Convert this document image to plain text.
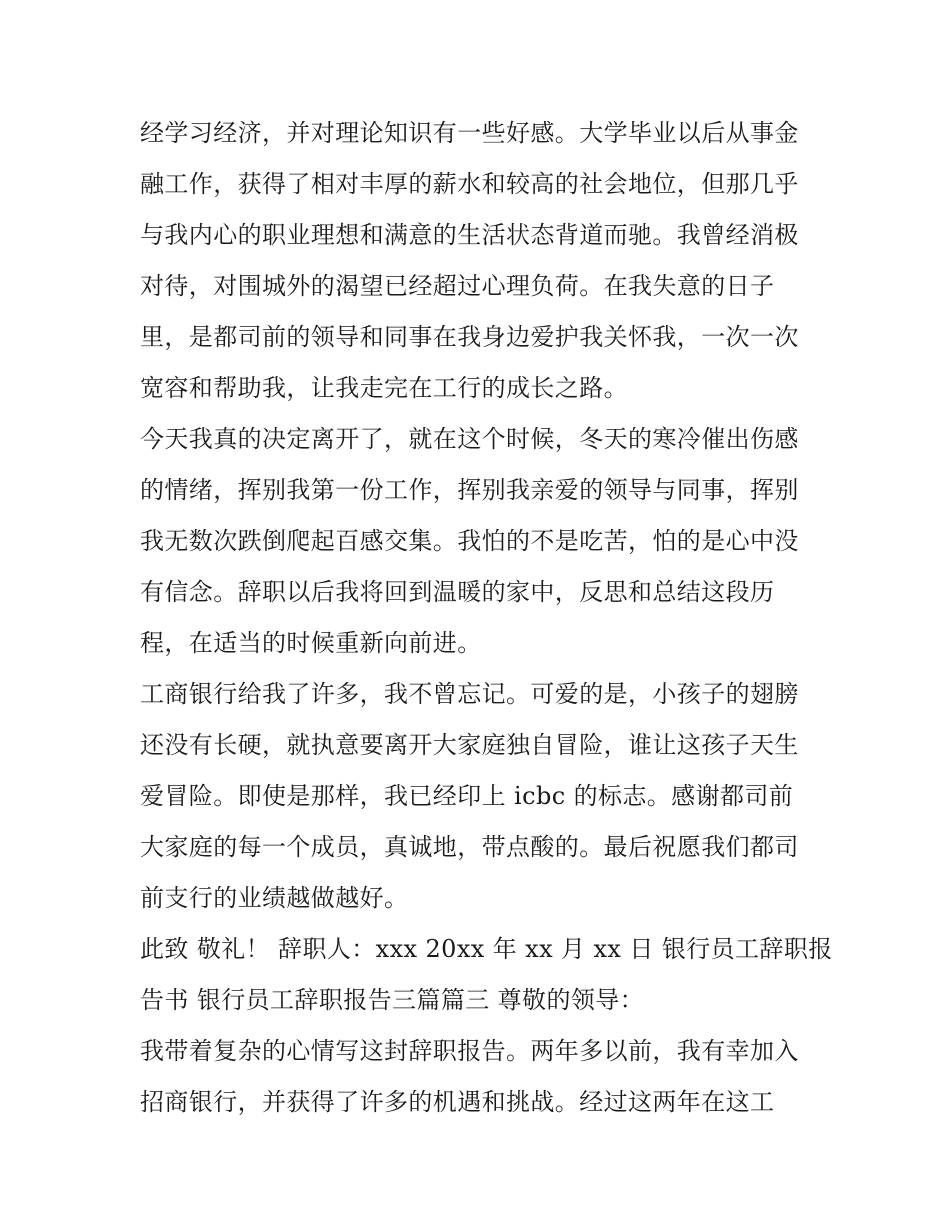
经学习经济，并对理论知识有一些好感。大学毕业以后从事金
融工作，获得了相对丰厚的薪水和较高的社会地位，但那几乎
与我内心的职业理想和满意的生活状态背道而驰。我曾经消极
对待，对围城外的渴望已经超过心理负荷。在我失意的日子
里，是都司前的领导和同事在我身边爱护我关怀我，一次一次
宽容和帮助我，让我走完在工行的成长之路。
今天我真的决定离开了，就在这个时候，冬天的寒冷催出伤感
的情绪，挥别我第一份工作，挥别我亲爱的领导与同事，挥别
我无数次跌倒爬起百感交集。我怕的不是吃苦，怕的是心中没
有信念。辞职以后我将回到温暖的家中，反思和总结这段历
程，在适当的时候重新向前进。
工商银行给我了许多，我不曾忘记。可爱的是，小孩子的翅膀
还没有长硬，就执意要离开大家庭独自冒险，谁让这孩子天生
爱冒险。即使是那样，我已经印上 icbc 的标志。感谢都司前
大家庭的每一个成员，真诚地，带点酸的。最后祝愿我们都司
前支行的业绩越做越好。
此致 敬礼！ 辞职人：xxx 20xx 年 xx 月 xx 日 银行员工辞职报
告书 银行员工辞职报告三篇篇三 尊敬的领导：
我带着复杂的心情写这封辞职报告。两年多以前，我有幸加入
招商银行，并获得了许多的机遇和挑战。经过这两年在这工
